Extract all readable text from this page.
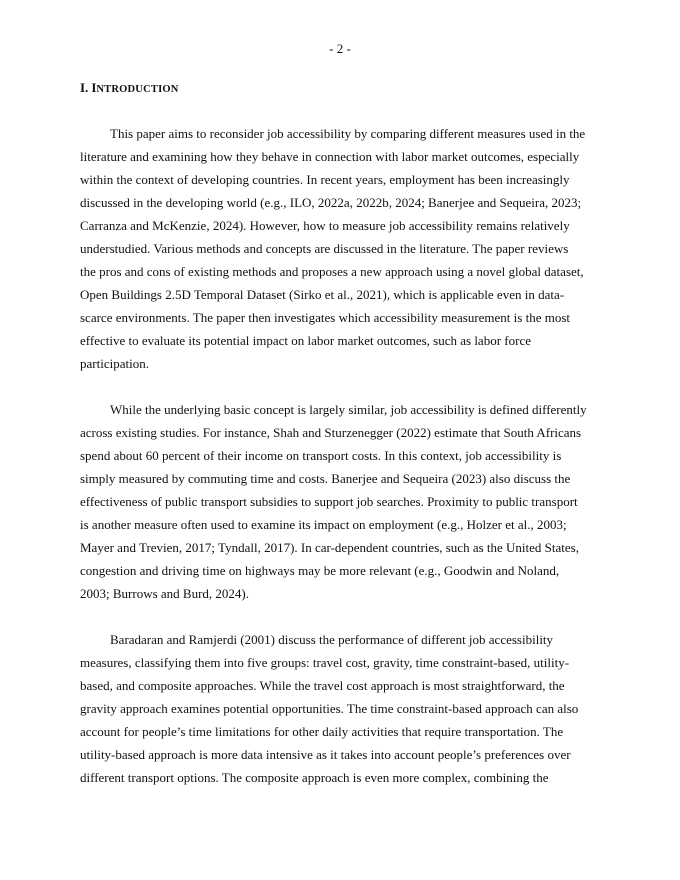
- 2 -
I. INTRODUCTION
This paper aims to reconsider job accessibility by comparing different measures used in the
literature and examining how they behave in connection with labor market outcomes, especially
within the context of developing countries. In recent years, employment has been increasingly
discussed in the developing world (e.g., ILO, 2022a, 2022b, 2024; Banerjee and Sequeira, 2023;
Carranza and McKenzie, 2024). However, how to measure job accessibility remains relatively
understudied. Various methods and concepts are discussed in the literature. The paper reviews
the pros and cons of existing methods and proposes a new approach using a novel global dataset,
Open Buildings 2.5D Temporal Dataset (Sirko et al., 2021), which is applicable even in data-
scarce environments. The paper then investigates which accessibility measurement is the most
effective to evaluate its potential impact on labor market outcomes, such as labor force
participation.
While the underlying basic concept is largely similar, job accessibility is defined differently
across existing studies. For instance, Shah and Sturzenegger (2022) estimate that South Africans
spend about 60 percent of their income on transport costs. In this context, job accessibility is
simply measured by commuting time and costs. Banerjee and Sequeira (2023) also discuss the
effectiveness of public transport subsidies to support job searches. Proximity to public transport
is another measure often used to examine its impact on employment (e.g., Holzer et al., 2003;
Mayer and Trevien, 2017; Tyndall, 2017). In car-dependent countries, such as the United States,
congestion and driving time on highways may be more relevant (e.g., Goodwin and Noland,
2003; Burrows and Burd, 2024).
Baradaran and Ramjerdi (2001) discuss the performance of different job accessibility
measures, classifying them into five groups: travel cost, gravity, time constraint-based, utility-
based, and composite approaches. While the travel cost approach is most straightforward, the
gravity approach examines potential opportunities. The time constraint-based approach can also
account for people’s time limitations for other daily activities that require transportation. The
utility-based approach is more data intensive as it takes into account people’s preferences over
different transport options. The composite approach is even more complex, combining the
